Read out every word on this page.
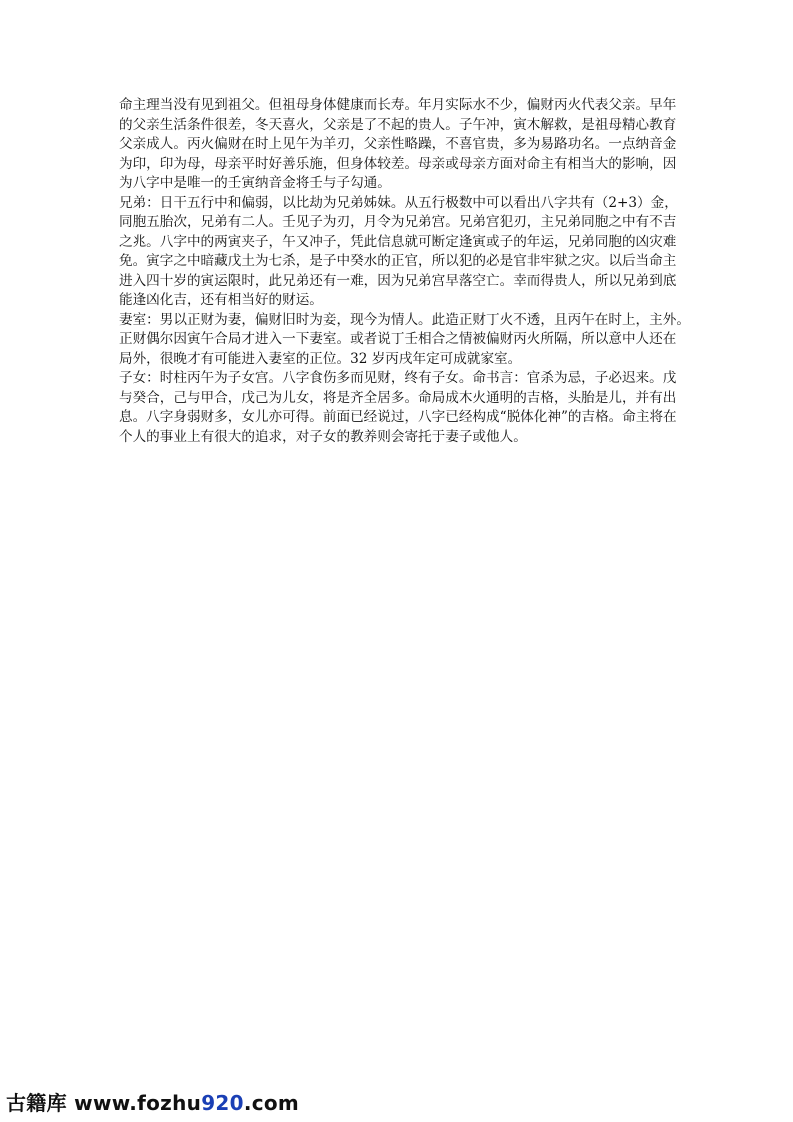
命主理当没有见到祖父。但祖母身体健康而长寿。年月实际水不少，偏财丙火代表父亲。早年
的父亲生活条件很差，冬天喜火，父亲是了不起的贵人。子午冲，寅木解救，是祖母精心教育
父亲成人。丙火偏财在时上见午为羊刃，父亲性略躁，不喜官贵，多为易路功名。一点纳音金
为印，印为母，母亲平时好善乐施，但身体较差。母亲或母亲方面对命主有相当大的影响，因
为八字中是唯一的壬寅纳音金将壬与子勾通。
兄弟：日干五行中和偏弱，以比劫为兄弟姊妹。从五行极数中可以看出八字共有（2+3）金，
同胞五胎次，兄弟有二人。壬见子为刃，月令为兄弟宫。兄弟宫犯刃，主兄弟同胞之中有不吉
之兆。八字中的两寅夹子，午又冲子，凭此信息就可断定逢寅或子的年运，兄弟同胞的凶灾难
免。寅字之中暗藏戊土为七杀，是子中癸水的正官，所以犯的必是官非牢狱之灾。以后当命主
进入四十岁的寅运限时，此兄弟还有一难，因为兄弟宫早落空亡。幸而得贵人，所以兄弟到底
能逢凶化吉，还有相当好的财运。
妻室：男以正财为妻，偏财旧时为妾，现今为情人。此造正财丁火不透，且丙午在时上，主外。
正财偶尔因寅午合局才进入一下妻室。或者说丁壬相合之情被偏财丙火所隔，所以意中人还在
局外，很晚才有可能进入妻室的正位。32 岁丙戌年定可成就家室。
子女：时柱丙午为子女宫。八字食伤多而见财，终有子女。命书言：官杀为忌，子必迟来。戊
与癸合，己与甲合，戊己为儿女，将是齐全居多。命局成木火通明的吉格，头胎是儿，并有出
息。八字身弱财多，女儿亦可得。前面已经说过，八字已经构成“脱体化神”的吉格。命主将在
个人的事业上有很大的追求，对子女的教养则会寄托于妻子或他人。
古籍库 www.fozhu920.com
